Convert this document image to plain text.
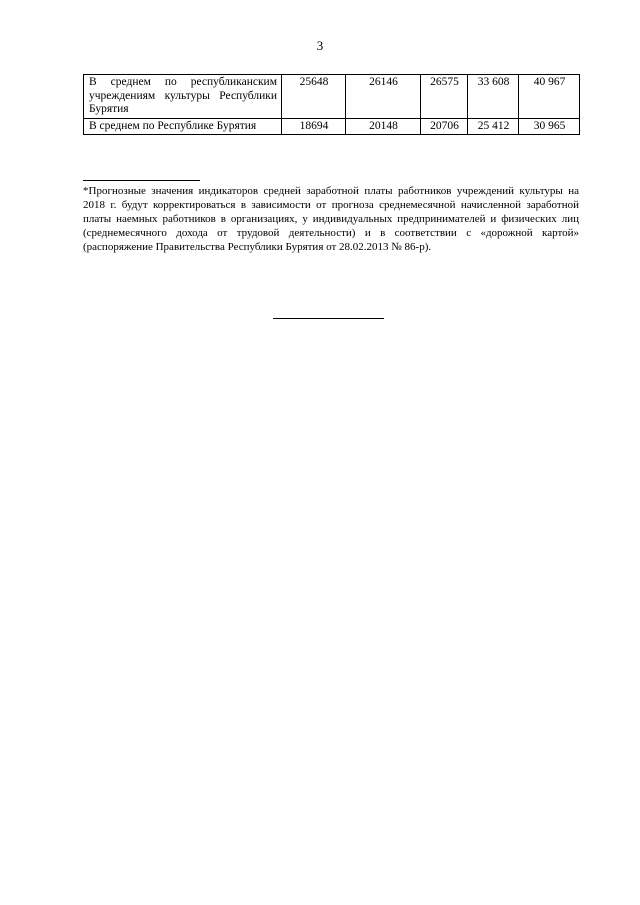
3
В среднем по республиканским учреждениям культуры Республики Бурятия	25648	26146	26575	33 608	40 967
В среднем по Республике Бурятия	18694	20148	20706	25 412	30 965
*Прогнозные значения индикаторов средней заработной платы работников учреждений культуры на 2018 г. будут корректироваться в зависимости от прогноза среднемесячной начисленной заработной платы наемных работников в организациях, у индивидуальных предпринимателей и физических лиц (среднемесячного дохода от трудовой деятельности) и в соответствии с «дорожной картой» (распоряжение Правительства Республики Бурятия от 28.02.2013 № 86-р).
